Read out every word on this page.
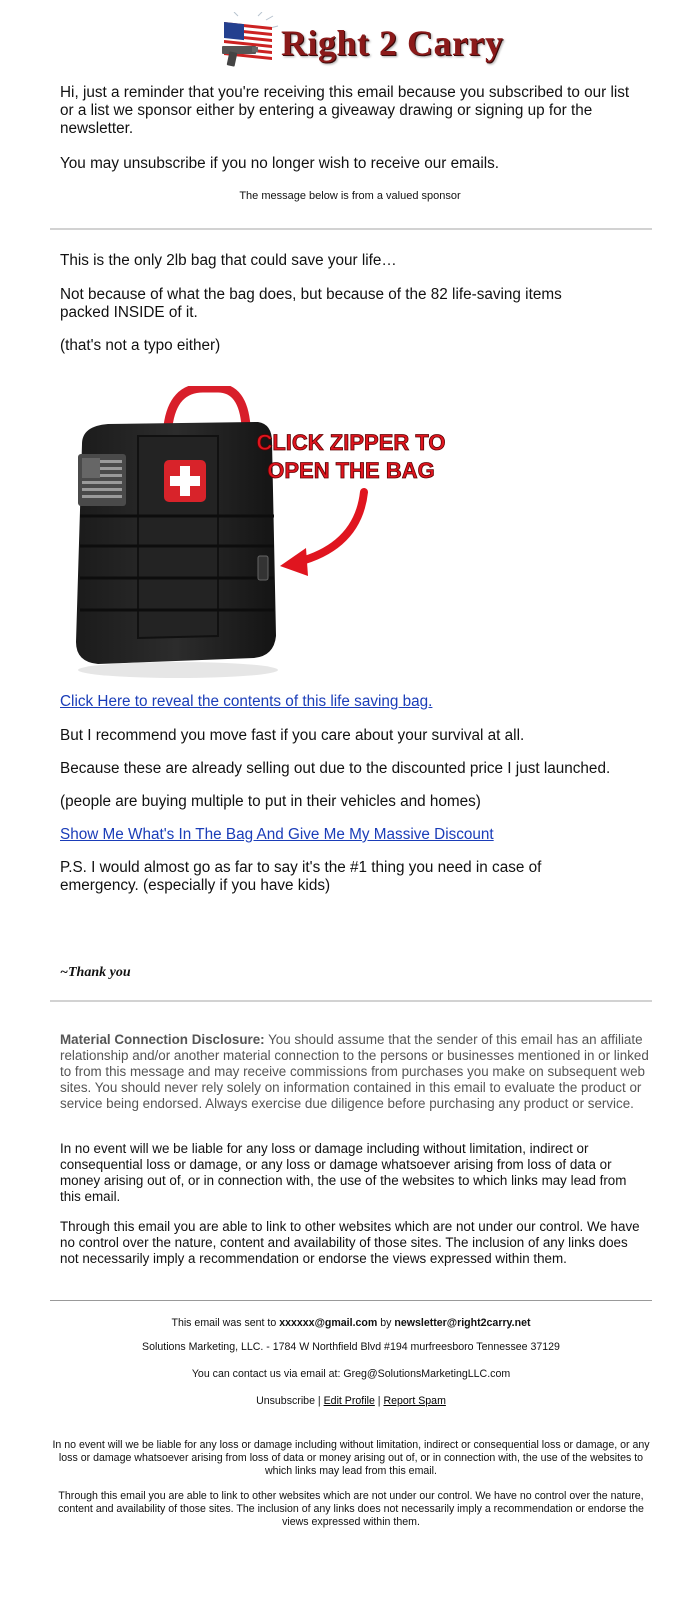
Right 2 Carry
Hi, just a reminder that you're receiving this email because you subscribed to our list or a list we sponsor either by entering a giveaway drawing or signing up for the newsletter.
You may unsubscribe if you no longer wish to receive our emails.
The message below is from a valued sponsor
This is the only 2lb bag that could save your life…
Not because of what the bag does, but because of the 82 life-saving items packed INSIDE of it.
(that's not a typo either)
CLICK ZIPPER TO
OPEN THE BAG
Click Here to reveal the contents of this life saving bag.
But I recommend you move fast if you care about your survival at all.
Because these are already selling out due to the discounted price I just launched.
(people are buying multiple to put in their vehicles and homes)
Show Me What's In The Bag And Give Me My Massive Discount
P.S. I would almost go as far to say it's the #1 thing you need in case of emergency. (especially if you have kids)
~Thank you
Material Connection Disclosure: You should assume that the sender of this email has an affiliate relationship and/or another material connection to the persons or businesses mentioned in or linked to from this message and may receive commissions from purchases you make on subsequent web sites. You should never rely solely on information contained in this email to evaluate the product or service being endorsed. Always exercise due diligence before purchasing any product or service.
In no event will we be liable for any loss or damage including without limitation, indirect or consequential loss or damage, or any loss or damage whatsoever arising from loss of data or money arising out of, or in connection with, the use of the websites to which links may lead from this email.
Through this email you are able to link to other websites which are not under our control. We have no control over the nature, content and availability of those sites. The inclusion of any links does not necessarily imply a recommendation or endorse the views expressed within them.
This email was sent to xxxxxx@gmail.com by newsletter@right2carry.net
Solutions Marketing, LLC. - 1784 W Northfield Blvd #194 murfreesboro Tennessee 37129
You can contact us via email at: Greg@SolutionsMarketingLLC.com
Unsubscribe | Edit Profile | Report Spam
In no event will we be liable for any loss or damage including without limitation, indirect or consequential loss or damage, or any loss or damage whatsoever arising from loss of data or money arising out of, or in connection with, the use of the websites to which links may lead from this email.
Through this email you are able to link to other websites which are not under our control. We have no control over the nature, content and availability of those sites. The inclusion of any links does not necessarily imply a recommendation or endorse the views expressed within them.
